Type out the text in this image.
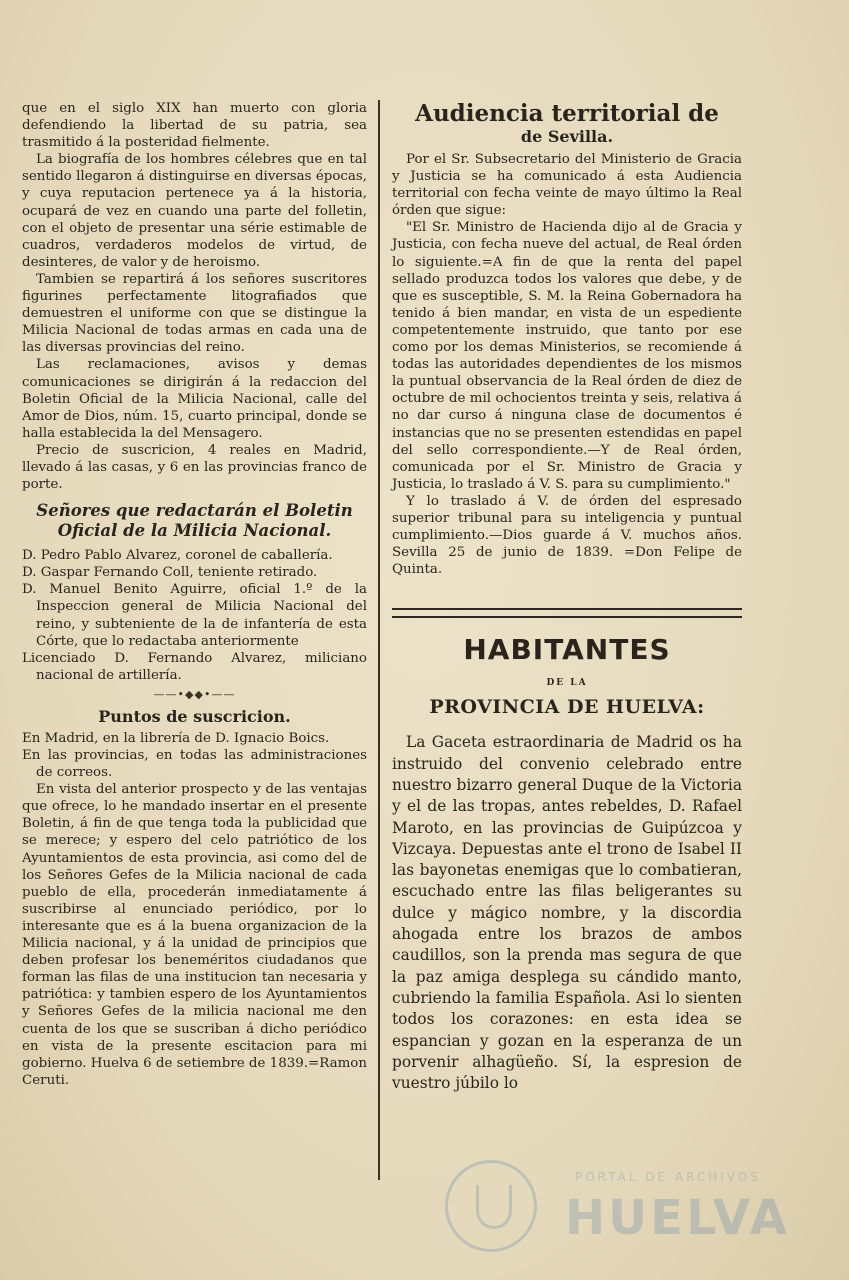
que en el siglo XIX han muerto con gloria defendiendo la libertad de su patria, sea trasmitido á la posteridad fielmente.

La biografía de los hombres célebres que en tal sentido llegaron á distinguirse en diversas épocas, y cuya reputacion pertenece ya á la historia, ocupará de vez en cuando una parte del folletin, con el objeto de presentar una série estimable de cuadros, verdaderos modelos de virtud, de desinteres, de valor y de heroismo.

Tambien se repartirá á los señores suscritores figurines perfectamente litografiados que demuestren el uniforme con que se distingue la Milicia Nacional de todas armas en cada una de las diversas provincias del reino.

Las reclamaciones, avisos y demas comunicaciones se dirigirán á la redaccion del Boletin Oficial de la Milicia Nacional, calle del Amor de Dios, núm. 15, cuarto principal, donde se halla establecida la del Mensagero.

Precio de suscricion, 4 reales en Madrid, llevado á las casas, y 6 en las provincias franco de porte.

Señores que redactarán el Boletin Oficial de la Milicia Nacional.

D. Pedro Pablo Alvarez, coronel de caballería.

D. Gaspar Fernando Coll, teniente retirado.

D. Manuel Benito Aguirre, oficial 1.º de la Inspeccion general de Milicia Nacional del reino, y subteniente de la de infantería de esta Córte, que lo redactaba anteriormente

Licenciado D. Fernando Alvarez, miliciano nacional de artillería.

——•◆◆•——

Puntos de suscricion.

En Madrid, en la librería de D. Ignacio Boics.

En las provincias, en todas las administraciones de correos.

En vista del anterior prospecto y de las ventajas que ofrece, lo he mandado insertar en el presente Boletin, á fin de que tenga toda la publicidad que se merece; y espero del celo patriótico de los Ayuntamientos de esta provincia, asi como del de los Señores Gefes de la Milicia nacional de cada pueblo de ella, procederán inmediatamente á suscribirse al enunciado periódico, por lo interesante que es á la buena organizacion de la Milicia nacional, y á la unidad de principios que deben profesar los beneméritos ciudadanos que forman las filas de una institucion tan necesaria y patriótica: y tambien espero de los Ayuntamientos y Señores Gefes de la milicia nacional me den cuenta de los que se suscriban á dicho periódico en vista de la presente escitacion para mi gobierno. Huelva 6 de setiembre de 1839.=Ramon Ceruti.

Audiencia territorial de

de Sevilla.

Por el Sr. Subsecretario del Ministerio de Gracia y Justicia se ha comunicado á esta Audiencia territorial con fecha veinte de mayo último la Real órden que sigue:

"El Sr. Ministro de Hacienda dijo al de Gracia y Justicia, con fecha nueve del actual, de Real órden lo siguiente.=A fin de que la renta del papel sellado produzca todos los valores que debe, y de que es susceptible, S. M. la Reina Gobernadora ha tenido á bien mandar, en vista de un espediente competentemente instruido, que tanto por ese como por los demas Ministerios, se recomiende á todas las autoridades dependientes de los mismos la puntual observancia de la Real órden de diez de octubre de mil ochocientos treinta y seis, relativa á no dar curso á ninguna clase de documentos é instancias que no se presenten estendidas en papel del sello correspondiente.—Y de Real órden, comunicada por el Sr. Ministro de Gracia y Justicia, lo traslado á V. S. para su cumplimiento."

Y lo traslado á V. de órden del espresado superior tribunal para su inteligencia y puntual cumplimiento.—Dios guarde á V. muchos años. Sevilla 25 de junio de 1839. =Don Felipe de Quinta.

HABITANTES

DE LA

PROVINCIA DE HUELVA:

La Gaceta estraordinaria de Madrid os ha instruido del convenio celebrado entre nuestro bizarro general Duque de la Victoria y el de las tropas, antes rebeldes, D. Rafael Maroto, en las provincias de Guipúzcoa y Vizcaya. Depuestas ante el trono de Isabel II las bayonetas enemigas que lo combatieran, escuchado entre las filas beligerantes su dulce y mágico nombre, y la discordia ahogada entre los brazos de ambos caudillos, son la prenda mas segura de que la paz amiga desplega su cándido manto, cubriendo la familia Española. Asi lo sienten todos los corazones: en esta idea se espancian y gozan en la esperanza de un porvenir alhagüeño. Sí, la espresion de vuestro júbilo lo

PORTAL DE ARCHIVOS
HUELVA
